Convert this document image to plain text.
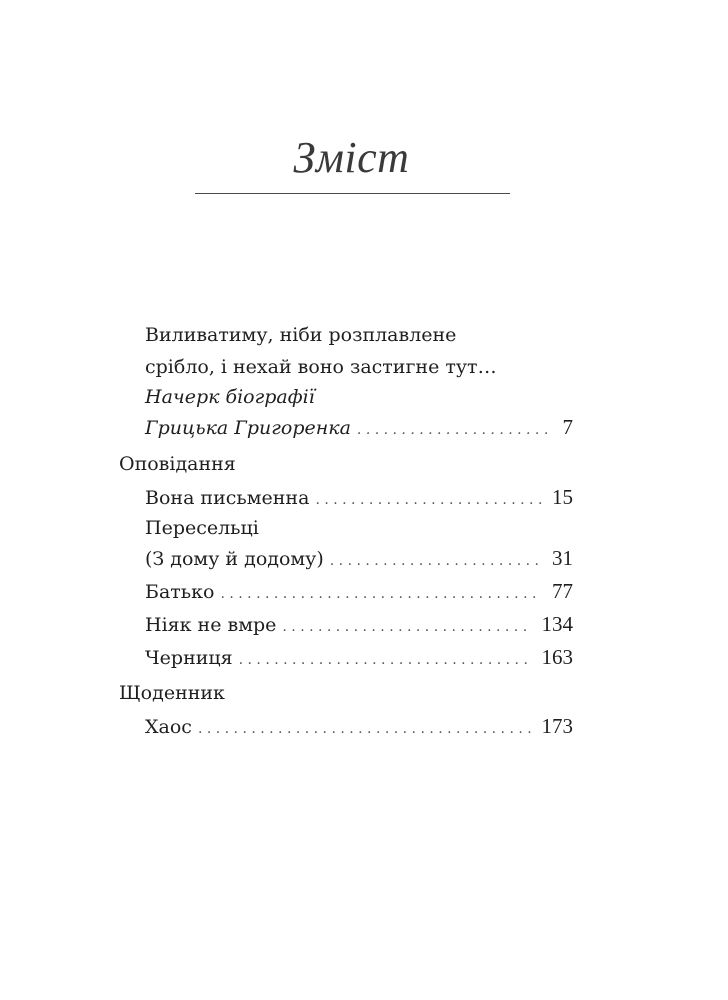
Зміст
Виливатиму, ніби розплавлене
срібло, і нехай воно застигне тут…
Начерк біографії
Грицька Григоренка . . .	7
Оповідання
Вона письменна . . .	15
Пересельці
(З дому й додому) . . .	31
Батько . . .	77
Ніяк не вмре . . .	134
Черниця . . .	163
Щоденник
Хаос . . .	173
